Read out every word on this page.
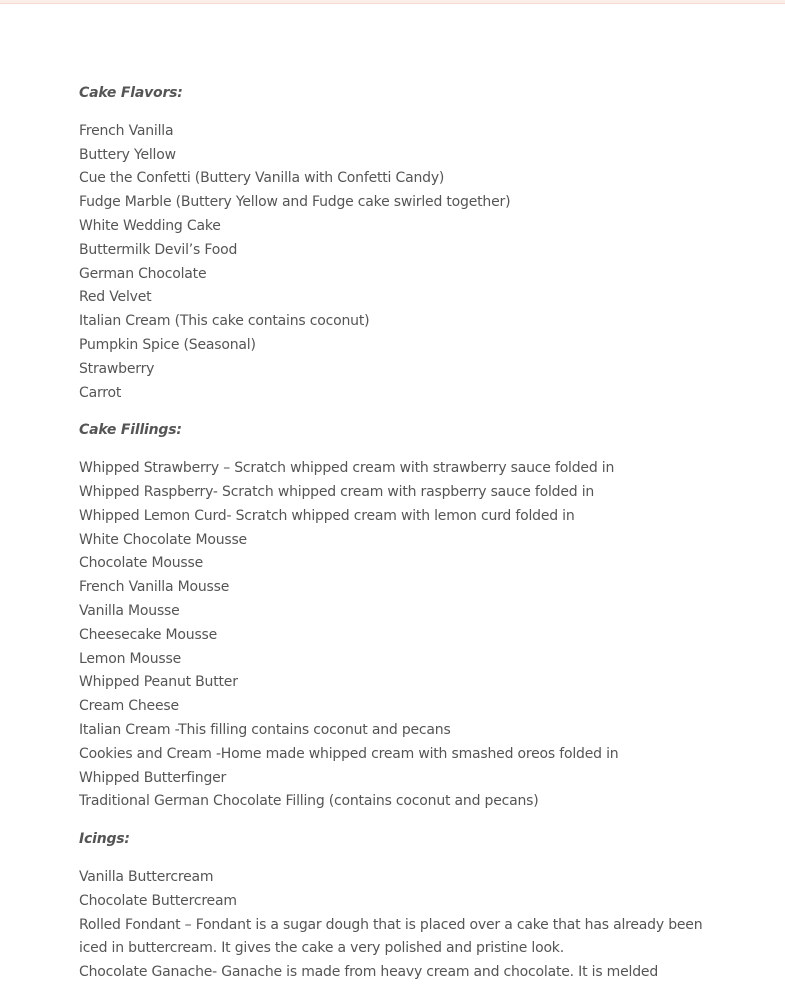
Cake Flavors:
French Vanilla
Buttery Yellow
Cue the Confetti (Buttery Vanilla with Confetti Candy)
Fudge Marble (Buttery Yellow and Fudge cake swirled together)
White Wedding Cake
Buttermilk Devil’s Food
German Chocolate
Red Velvet
Italian Cream (This cake contains coconut)
Pumpkin Spice (Seasonal)
Strawberry
Carrot
Cake Fillings:
Whipped Strawberry – Scratch whipped cream with strawberry sauce folded in
Whipped Raspberry- Scratch whipped cream with raspberry sauce folded in
Whipped Lemon Curd- Scratch whipped cream with lemon curd folded in
White Chocolate Mousse
Chocolate Mousse
French Vanilla Mousse
Vanilla Mousse
Cheesecake Mousse
Lemon Mousse
Whipped Peanut Butter
Cream Cheese
Italian Cream -This filling contains coconut and pecans
Cookies and Cream -Home made whipped cream with smashed oreos folded in
Whipped Butterfinger
Traditional German Chocolate Filling (contains coconut and pecans)
Icings:
Vanilla Buttercream
Chocolate Buttercream
Rolled Fondant – Fondant is a sugar dough that is placed over a cake that has already been iced in buttercream. It gives the cake a very polished and pristine look.
Chocolate Ganache- Ganache is made from heavy cream and chocolate. It is melded
